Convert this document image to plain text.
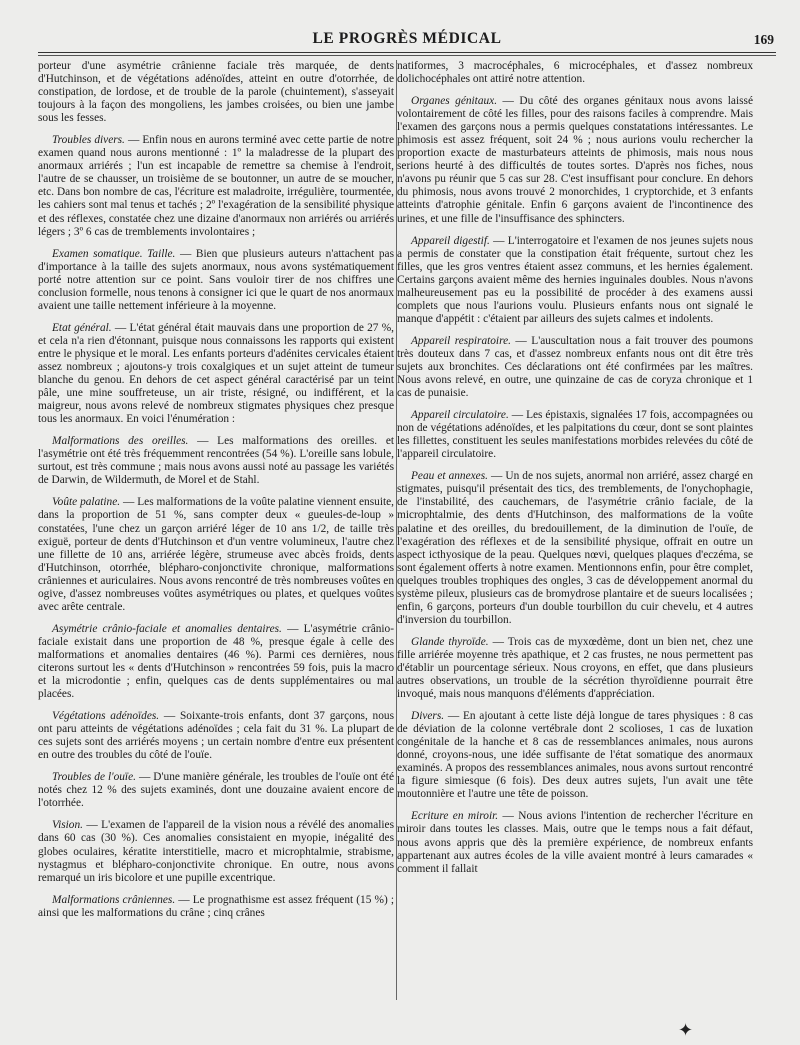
LE PROGRÈS MÉDICAL	169

porteur d'une asymétrie crânienne faciale très marquée, de dents d'Hutchinson, et de végétations adénoïdes, atteint en outre d'otorrhée, de constipation, de lordose, et de trouble de la parole (chuintement), s'asseyait toujours à la façon des mongoliens, les jambes croisées, ou bien une jambe sous les fesses.

Troubles divers. — Enfin nous en aurons terminé avec cette partie de notre examen quand nous aurons mentionné : 1º la maladresse de la plupart des anormaux arriérés ; l'un est incapable de remettre sa chemise à l'endroit, l'autre de se chausser, un troisième de se boutonner, un autre de se moucher, etc. Dans bon nombre de cas, l'écriture est maladroite, irrégulière, tourmentée, les cahiers sont mal tenus et tachés ; 2º l'exagération de la sensibilité physique et des réflexes, constatée chez une dizaine d'anormaux non arriérés ou arriérés légers ; 3º 6 cas de tremblements involontaires ;

Examen somatique. Taille. — Bien que plusieurs auteurs n'attachent pas d'importance à la taille des sujets anormaux, nous avons systématiquement porté notre attention sur ce point. Sans vouloir tirer de nos chiffres une conclusion formelle, nous tenons à consigner ici que le quart de nos anormaux avaient une taille nettement inférieure à la moyenne.

Etat général. — L'état général était mauvais dans une proportion de 27 %, et cela n'a rien d'étonnant, puisque nous connaissons les rapports qui existent entre le physique et le moral. Les enfants porteurs d'adénites cervicales étaient assez nombreux ; ajoutons-y trois coxalgiques et un sujet atteint de tumeur blanche du genou. En dehors de cet aspect général caractérisé par un teint pâle, une mine souffreteuse, un air triste, résigné, ou indifférent, et la maigreur, nous avons relevé de nombreux stigmates physiques chez presque tous les anormaux. En voici l'énumération :

Malformations des oreilles. — Les malformations des oreilles. et l'asymétrie ont été très fréquemment rencontrées (54 %). L'oreille sans lobule, surtout, est très commune ; mais nous avons aussi noté au passage les variétés de Darwin, de Wildermuth, de Morel et de Stahl.

Voûte palatine. — Les malformations de la voûte palatine viennent ensuite, dans la proportion de 51 %, sans compter deux « gueules-de-loup » constatées, l'une chez un garçon arriéré léger de 10 ans 1/2, de taille très exiguë, porteur de dents d'Hutchinson et d'un ventre volumineux, l'autre chez une fillette de 10 ans, arriérée légère, strumeuse avec abcès froids, dents d'Hutchinson, otorrhée, blépharo-conjonctivite chronique, malformations crâniennes et auriculaires. Nous avons rencontré de très nombreuses voûtes en ogive, d'assez nombreuses voûtes asymétriques ou plates, et quelques voûtes avec arête centrale.

Asymétrie crânio-faciale et anomalies dentaires. — L'asymétrie crânio-faciale existait dans une proportion de 48 %, presque égale à celle des malformations et anomalies dentaires (46 %). Parmi ces dernières, nous citerons surtout les « dents d'Hutchinson » rencontrées 59 fois, puis la macro et la microdontie ; enfin, quelques cas de dents supplémentaires ou mal placées.

Végétations adénoïdes. — Soixante-trois enfants, dont 37 garçons, nous ont paru atteints de végétations adénoïdes ; cela fait du 31 %. La plupart de ces sujets sont des arriérés moyens ; un certain nombre d'entre eux présentent en outre des troubles du côté de l'ouïe.

Troubles de l'ouïe. — D'une manière générale, les troubles de l'ouïe ont été notés chez 12 % des sujets examinés, dont une douzaine avaient encore de l'otorrhée.

Vision. — L'examen de l'appareil de la vision nous a révélé des anomalies dans 60 cas (30 %). Ces anomalies consistaient en myopie, inégalité des globes oculaires, kératite interstitielle, macro et microphtalmie, strabisme, nystagmus et blépharo-conjonctivite chronique. En outre, nous avons remarqué un iris bicolore et une pupille excentrique.

Malformations crâniennes. — Le prognathisme est assez fréquent (15 %) ; ainsi que les malformations du crâne ; cinq crânes

natiformes, 3 macrocéphales, 6 microcéphales, et d'assez nombreux dolichocéphales ont attiré notre attention.

Organes génitaux. — Du côté des organes génitaux nous avons laissé volontairement de côté les filles, pour des raisons faciles à comprendre. Mais l'examen des garçons nous a permis quelques constatations intéressantes. Le phimosis est assez fréquent, soit 24 % ; nous aurions voulu rechercher la proportion exacte de masturbateurs atteints de phimosis, mais nous nous serions heurté à des difficultés de toutes sortes. D'après nos fiches, nous n'avons pu réunir que 5 cas sur 28. C'est insuffisant pour conclure. En dehors du phimosis, nous avons trouvé 2 monorchides, 1 cryptorchide, et 3 enfants atteints d'atrophie génitale. Enfin 6 garçons avaient de l'incontinence des urines, et une fille de l'insuffisance des sphincters.

Appareil digestif. — L'interrogatoire et l'examen de nos jeunes sujets nous a permis de constater que la constipation était fréquente, surtout chez les filles, que les gros ventres étaient assez communs, et les hernies également. Certains garçons avaient même des hernies inguinales doubles. Nous n'avons malheureusement pas eu la possibilité de procéder à des examens aussi complets que nous l'aurions voulu. Plusieurs enfants nous ont signalé le manque d'appétit : c'étaient par ailleurs des sujets calmes et indolents.

Appareil respiratoire. — L'auscultation nous a fait trouver des poumons très douteux dans 7 cas, et d'assez nombreux enfants nous ont dit être très sujets aux bronchites. Ces déclarations ont été confirmées par les maîtres. Nous avons relevé, en outre, une quinzaine de cas de coryza chronique et 1 cas de punaisie.

Appareil circulatoire. — Les épistaxis, signalées 17 fois, accompagnées ou non de végétations adénoïdes, et les palpitations du cœur, dont se sont plaintes les fillettes, constituent les seules manifestations morbides relevées du côté de l'appareil circulatoire.

Peau et annexes. — Un de nos sujets, anormal non arriéré, assez chargé en stigmates, puisqu'il présentait des tics, des tremblements, de l'onychophagie, de l'instabilité, des cauchemars, de l'asymétrie crânio faciale, de la microphtalmie, des dents d'Hutchinson, des malformations de la voûte palatine et des oreilles, du bredouillement, de la diminution de l'ouïe, de l'exagération des réflexes et de la sensibilité physique, offrait en outre un aspect icthyosique de la peau. Quelques nœvi, quelques plaques d'eczéma, se sont également offerts à notre examen. Mentionnons enfin, pour être complet, quelques troubles trophiques des ongles, 3 cas de développement anormal du système pileux, plusieurs cas de bromydrose plantaire et de sueurs localisées ; enfin, 6 garçons, porteurs d'un double tourbillon du cuir chevelu, et 4 autres d'inversion du tourbillon.

Glande thyroïde. — Trois cas de myxœdème, dont un bien net, chez une fille arriérée moyenne très apathique, et 2 cas frustes, ne nous permettent pas d'établir un pourcentage sérieux. Nous croyons, en effet, que dans plusieurs autres observations, un trouble de la sécrétion thyroïdienne pourrait être invoqué, mais nous manquons d'éléments d'appréciation.

Divers. — En ajoutant à cette liste déjà longue de tares physiques : 8 cas de déviation de la colonne vertébrale dont 2 scolioses, 1 cas de luxation congénitale de la hanche et 8 cas de ressemblances animales, nous aurons donné, croyons-nous, une idée suffisante de l'état somatique des anormaux examinés. A propos des ressemblances animales, nous avons surtout rencontré la figure simiesque (6 fois). Des deux autres sujets, l'un avait une tête moutonnière et l'autre une tête de poisson.

Ecriture en miroir. — Nous avions l'intention de rechercher l'écriture en miroir dans toutes les classes. Mais, outre que le temps nous a fait défaut, nous avons appris que dès la première expérience, de nombreux enfants appartenant aux autres écoles de la ville avaient montré à leurs camarades « comment il fallait

✦
